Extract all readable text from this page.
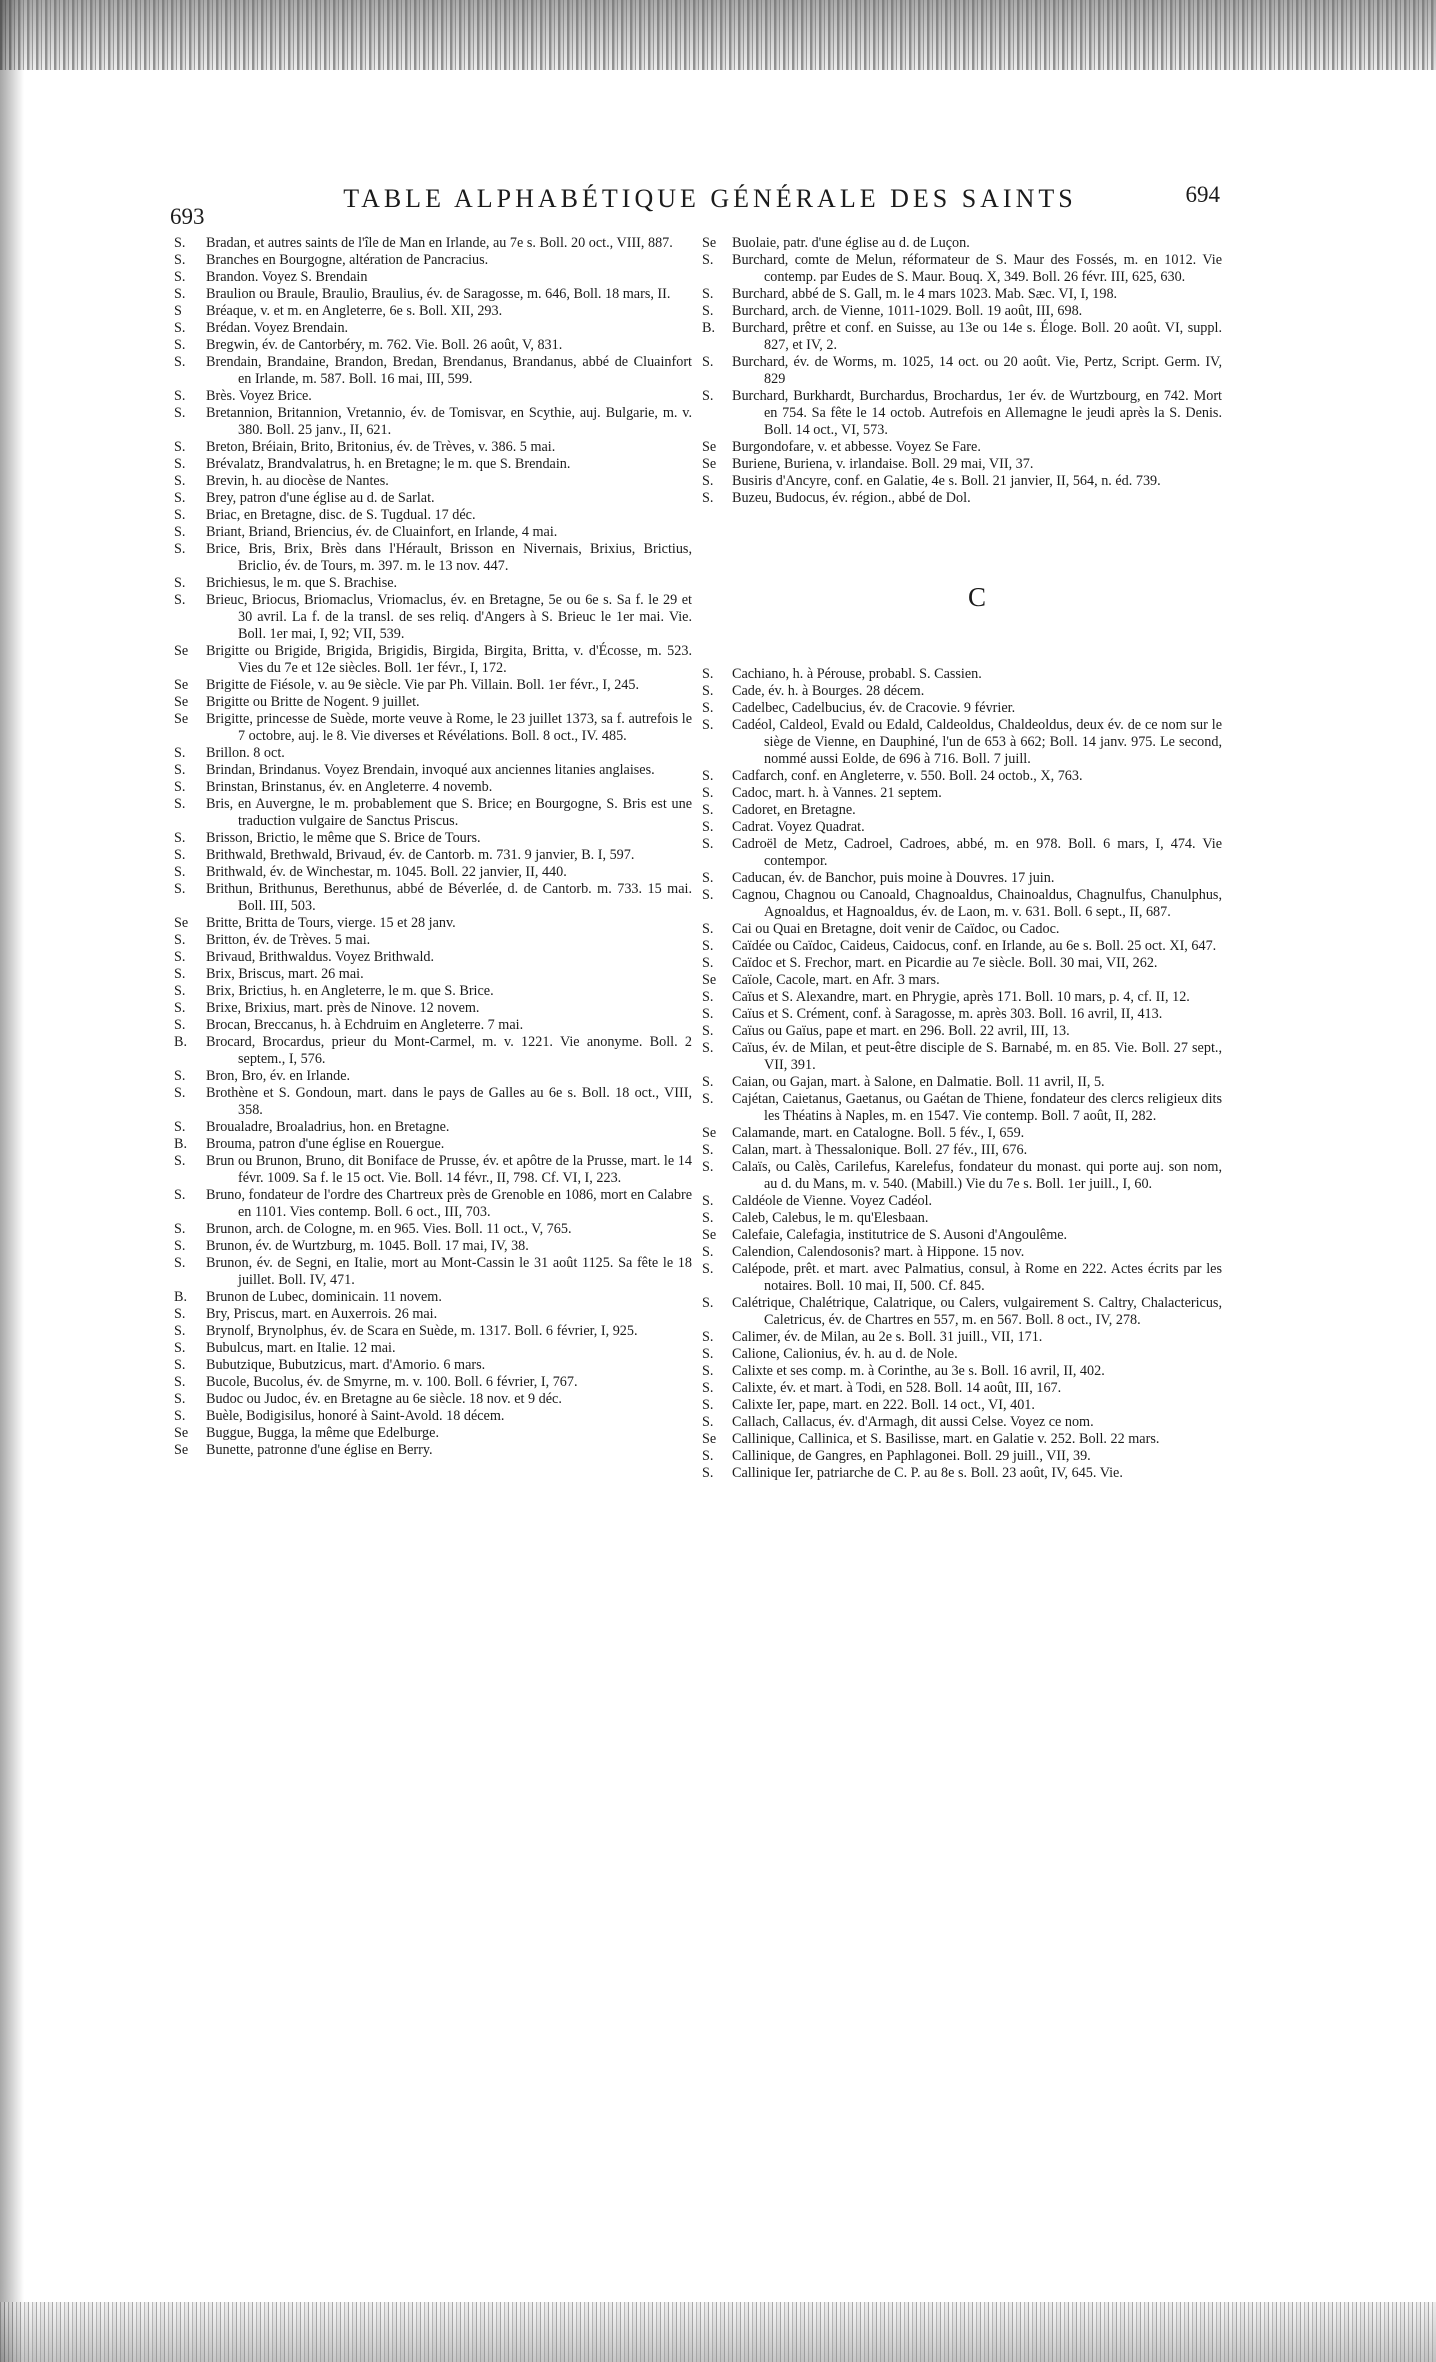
693
TABLE ALPHABÉTIQUE GÉNÉRALE DES SAINTS	694
S. Bradan, et autres saints de l'île de Man en Irlande, au 7e s. Boll. 20 oct., VIII, 887.
S. Branches en Bourgogne, altération de Pancracius.
S. Brandon. Voyez S. Brendain
S. Braulion ou Braule, Braulio, Braulius, év. de Saragosse, m. 646, Boll. 18 mars, II.
S Bréaque, v. et m. en Angleterre, 6e s. Boll. XII, 293.
S. Brédan. Voyez Brendain.
S. Bregwin, év. de Cantorbéry, m. 762. Vie. Boll. 26 août, V, 831.
S. Brendain, Brandaine, Brandon, Bredan, Brendanus, Brandanus, abbé de Cluainfort en Irlande, m. 587. Boll. 16 mai, III, 599.
S. Brès. Voyez Brice.
S. Bretannion, Britannion, Vretannio, év. de Tomisvar, en Scythie, auj. Bulgarie, m. v. 380. Boll. 25 janv., II, 621.
S. Breton, Bréiain, Brito, Britonius, év. de Trèves, v. 386. 5 mai.
S. Brévalatz, Brandvalatrus, h. en Bretagne; le m. que S. Brendain.
S. Brevin, h. au diocèse de Nantes.
S. Brey, patron d'une église au d. de Sarlat.
S. Briac, en Bretagne, disc. de S. Tugdual. 17 déc.
S. Briant, Briand, Briencius, év. de Cluainfort, en Irlande, 4 mai.
S. Brice, Bris, Brix, Brès dans l'Hérault, Brisson en Nivernais, Brixius, Brictius, Briclio, év. de Tours, m. 397. m. le 13 nov. 447.
S. Brichiesus, le m. que S. Brachise.
S. Brieuc, Briocus, Briomaclus, Vriomaclus, év. en Bretagne, 5e ou 6e s. Sa f. le 29 et 30 avril. La f. de la transl. de ses reliq. d'Angers à S. Brieuc le 1er mai. Vie. Boll. 1er mai, I, 92; VII, 539.
Se Brigitte ou Brigide, Brigida, Brigidis, Birgida, Birgita, Britta, v. d'Écosse, m. 523. Vies du 7e et 12e siècles. Boll. 1er févr., I, 172.
Se Brigitte de Fiésole, v. au 9e siècle. Vie par Ph. Villain. Boll. 1er févr., I, 245.
Se Brigitte ou Britte de Nogent. 9 juillet.
Se Brigitte, princesse de Suède, morte veuve à Rome, le 23 juillet 1373, sa f. autrefois le 7 octobre, auj. le 8. Vie diverses et Révélations. Boll. 8 oct., IV. 485.
S. Brillon. 8 oct.
S. Brindan, Brindanus. Voyez Brendain, invoqué aux anciennes litanies anglaises.
S. Brinstan, Brinstanus, év. en Angleterre. 4 novemb.
S. Bris, en Auvergne, le m. probablement que S. Brice; en Bourgogne, S. Bris est une traduction vulgaire de Sanctus Priscus.
S. Brisson, Brictio, le même que S. Brice de Tours.
S. Brithwald, Brethwald, Brivaud, év. de Cantorb. m. 731. 9 janvier, B. I, 597.
S. Brithwald, év. de Winchestar, m. 1045. Boll. 22 janvier, II, 440.
S. Brithun, Brithunus, Berethunus, abbé de Béverlée, d. de Cantorb. m. 733. 15 mai. Boll. III, 503.
Se Britte, Britta de Tours, vierge. 15 et 28 janv.
S. Britton, év. de Trèves. 5 mai.
S. Brivaud, Brithwaldus. Voyez Brithwald.
S. Brix, Briscus, mart. 26 mai.
S. Brix, Brictius, h. en Angleterre, le m. que S. Brice.
S. Brixe, Brixius, mart. près de Ninove. 12 novem.
S. Brocan, Breccanus, h. à Echdruim en Angleterre. 7 mai.
B. Brocard, Brocardus, prieur du Mont-Carmel, m. v. 1221. Vie anonyme. Boll. 2 septem., I, 576.
S. Bron, Bro, év. en Irlande.
S. Brothène et S. Gondoun, mart. dans le pays de Galles au 6e s. Boll. 18 oct., VIII, 358.
S. Broualadre, Broaladrius, hon. en Bretagne.
B. Brouma, patron d'une église en Rouergue.
S. Brun ou Brunon, Bruno, dit Boniface de Prusse, év. et apôtre de la Prusse, mart. le 14 févr. 1009. Sa f. le 15 oct. Vie. Boll. 14 févr., II, 798. Cf. VI, I, 223.
S. Bruno, fondateur de l'ordre des Chartreux près de Grenoble en 1086, mort en Calabre en 1101. Vies contemp. Boll. 6 oct., III, 703.
S. Brunon, arch. de Cologne, m. en 965. Vies. Boll. 11 oct., V, 765.
S. Brunon, év. de Wurtzburg, m. 1045. Boll. 17 mai, IV, 38.
S. Brunon, év. de Segni, en Italie, mort au Mont-Cassin le 31 août 1125. Sa fête le 18 juillet. Boll. IV, 471.
B. Brunon de Lubec, dominicain. 11 novem.
S. Bry, Priscus, mart. en Auxerrois. 26 mai.
S. Brynolf, Brynolphus, év. de Scara en Suède, m. 1317. Boll. 6 février, I, 925.
S. Bubulcus, mart. en Italie. 12 mai.
S. Bubutzique, Bubutzicus, mart. d'Amorio. 6 mars.
S. Bucole, Bucolus, év. de Smyrne, m. v. 100. Boll. 6 février, I, 767.
S. Budoc ou Judoc, év. en Bretagne au 6e siècle. 18 nov. et 9 déc.
S. Buèle, Bodigisilus, honoré à Saint-Avold. 18 décem.
Se Buggue, Bugga, la même que Edelburge.
Se Bunette, patronne d'une église en Berry.
Se Buolaie, patr. d'une église au d. de Luçon.
S. Burchard, comte de Melun, réformateur de S. Maur des Fossés, m. en 1012. Vie contemp. par Eudes de S. Maur. Bouq. X, 349. Boll. 26 févr. III, 625, 630.
S. Burchard, abbé de S. Gall, m. le 4 mars 1023. Mab. Sæc. VI, I, 198.
S. Burchard, arch. de Vienne, 1011-1029. Boll. 19 août, III, 698.
B. Burchard, prêtre et conf. en Suisse, au 13e ou 14e s. Éloge. Boll. 20 août. VI, suppl. 827, et IV, 2.
S. Burchard, év. de Worms, m. 1025, 14 oct. ou 20 août. Vie, Pertz, Script. Germ. IV, 829
S. Burchard, Burkhardt, Burchardus, Brochardus, 1er év. de Wurtzbourg, en 742. Mort en 754. Sa fête le 14 octob. Autrefois en Allemagne le jeudi après la S. Denis. Boll. 14 oct., VI, 573.
Se Burgondofare, v. et abbesse. Voyez Se Fare.
Se Buriene, Buriena, v. irlandaise. Boll. 29 mai, VII, 37.
S. Busiris d'Ancyre, conf. en Galatie, 4e s. Boll. 21 janvier, II, 564, n. éd. 739.
S. Buzeu, Budocus, év. région., abbé de Dol.
C
S. Cachiano, h. à Pérouse, probabl. S. Cassien.
S. Cade, év. h. à Bourges. 28 décem.
S. Cadelbec, Cadelbucius, év. de Cracovie. 9 février.
S. Cadéol, Caldeol, Evald ou Edald, Caldeoldus, Chaldeoldus, deux év. de ce nom sur le siège de Vienne, en Dauphiné, l'un de 653 à 662; Boll. 14 janv. 975. Le second, nommé aussi Eolde, de 696 à 716. Boll. 7 juill.
S. Cadfarch, conf. en Angleterre, v. 550. Boll. 24 octob., X, 763.
S. Cadoc, mart. h. à Vannes. 21 septem.
S. Cadoret, en Bretagne.
S. Cadrat. Voyez Quadrat.
S. Cadroël de Metz, Cadroel, Cadroes, abbé, m. en 978. Boll. 6 mars, I, 474. Vie contempor.
S. Caducan, év. de Banchor, puis moine à Douvres. 17 juin.
S. Cagnou, Chagnou ou Canoald, Chagnoaldus, Chainoaldus, Chagnulfus, Chanulphus, Agnoaldus, et Hagnoaldus, év. de Laon, m. v. 631. Boll. 6 sept., II, 687.
S. Cai ou Quai en Bretagne, doit venir de Caïdoc, ou Cadoc.
S. Caïdée ou Caïdoc, Caideus, Caidocus, conf. en Irlande, au 6e s. Boll. 25 oct. XI, 647.
S. Caïdoc et S. Frechor, mart. en Picardie au 7e siècle. Boll. 30 mai, VII, 262.
Se Caïole, Cacole, mart. en Afr. 3 mars.
S. Caïus et S. Alexandre, mart. en Phrygie, après 171. Boll. 10 mars, p. 4, cf. II, 12.
S. Caïus et S. Crément, conf. à Saragosse, m. après 303. Boll. 16 avril, II, 413.
S. Caïus ou Gaïus, pape et mart. en 296. Boll. 22 avril, III, 13.
S. Caïus, év. de Milan, et peut-être disciple de S. Barnabé, m. en 85. Vie. Boll. 27 sept., VII, 391.
S. Caian, ou Gajan, mart. à Salone, en Dalmatie. Boll. 11 avril, II, 5.
S. Cajétan, Caietanus, Gaetanus, ou Gaétan de Thiene, fondateur des clercs religieux dits les Théatins à Naples, m. en 1547. Vie contemp. Boll. 7 août, II, 282.
Se Calamande, mart. en Catalogne. Boll. 5 fév., I, 659.
S. Calan, mart. à Thessalonique. Boll. 27 fév., III, 676.
S. Calaïs, ou Calès, Carilefus, Karelefus, fondateur du monast. qui porte auj. son nom, au d. du Mans, m. v. 540. (Mabill.) Vie du 7e s. Boll. 1er juill., I, 60.
S. Caldéole de Vienne. Voyez Cadéol.
S. Caleb, Calebus, le m. qu'Elesbaan.
Se Calefaie, Calefagia, institutrice de S. Ausoni d'Angoulême.
S. Calendion, Calendosonis? mart. à Hippone. 15 nov.
S. Calépode, prêt. et mart. avec Palmatius, consul, à Rome en 222. Actes écrits par les notaires. Boll. 10 mai, II, 500. Cf. 845.
S. Calétrique, Chalétrique, Calatrique, ou Calers, vulgairement S. Caltry, Chalactericus, Caletricus, év. de Chartres en 557, m. en 567. Boll. 8 oct., IV, 278.
S. Calimer, év. de Milan, au 2e s. Boll. 31 juill., VII, 171.
S. Calione, Calionius, év. h. au d. de Nole.
S. Calixte et ses comp. m. à Corinthe, au 3e s. Boll. 16 avril, II, 402.
S. Calixte, év. et mart. à Todi, en 528. Boll. 14 août, III, 167.
S. Calixte Ier, pape, mart. en 222. Boll. 14 oct., VI, 401.
S. Callach, Callacus, év. d'Armagh, dit aussi Celse. Voyez ce nom.
Se Callinique, Callinica, et S. Basilisse, mart. en Galatie v. 252. Boll. 22 mars.
S. Callinique, de Gangres, en Paphlagonei. Boll. 29 juill., VII, 39.
S. Callinique Ier, patriarche de C. P. au 8e s. Boll. 23 août, IV, 645. Vie.
